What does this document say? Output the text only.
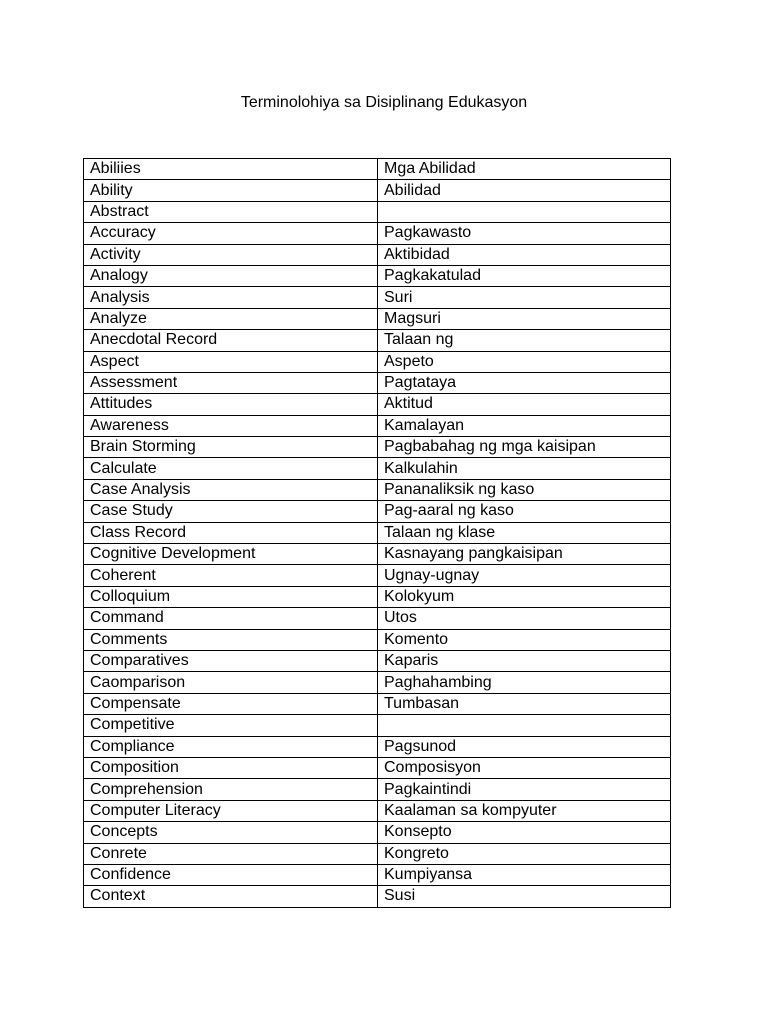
Terminolohiya sa Disiplinang Edukasyon
Abiliies	Mga Abilidad
Ability	Abilidad
Abstract	
Accuracy	Pagkawasto
Activity	Aktibidad
Analogy	Pagkakatulad
Analysis	Suri
Analyze	Magsuri
Anecdotal Record	Talaan ng
Aspect	Aspeto
Assessment	Pagtataya
Attitudes	Aktitud
Awareness	Kamalayan
Brain Storming	Pagbabahag ng mga kaisipan
Calculate	Kalkulahin
Case Analysis	Pananaliksik ng kaso
Case Study	Pag-aaral ng kaso
Class Record	Talaan ng klase
Cognitive Development	Kasnayang pangkaisipan
Coherent	Ugnay-ugnay
Colloquium	Kolokyum
Command	Utos
Comments	Komento
Comparatives	Kaparis
Caomparison	Paghahambing
Compensate	Tumbasan
Competitive	
Compliance	Pagsunod
Composition	Composisyon
Comprehension	Pagkaintindi
Computer Literacy	Kaalaman sa kompyuter
Concepts	Konsepto
Conrete	Kongreto
Confidence	Kumpiyansa
Context	Susi
